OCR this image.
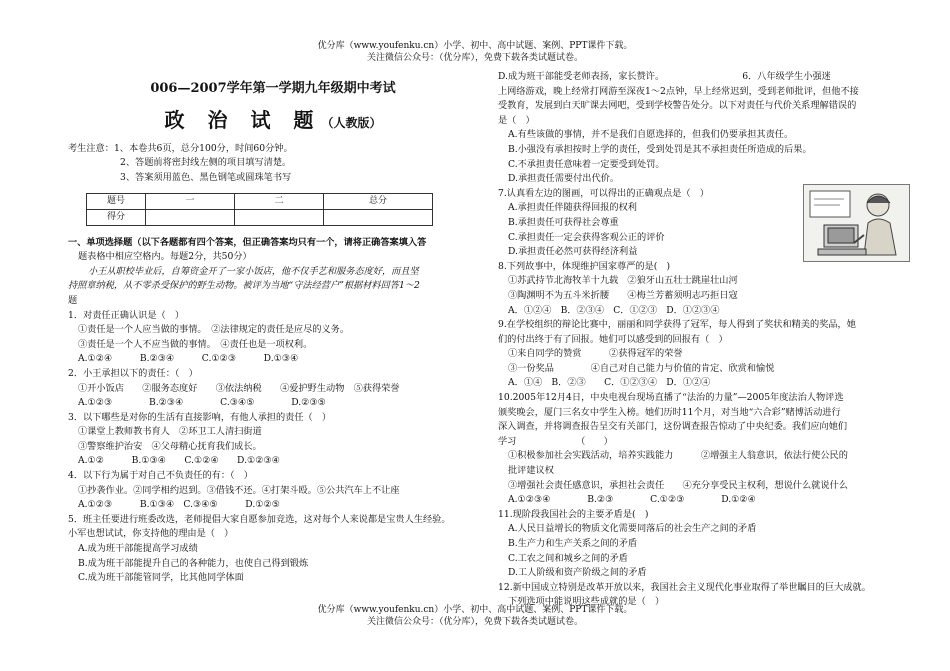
优分库（www.youfenku.cn）小学、初中、高中试题、案例、PPT课件下载。
关注微信公众号：（优分库），免费下载各类试题试卷。

006—2007学年第一学期九年级期中考试

政 治 试 题（人教版）

考生注意：1、本卷共6页，总分100分，时间60分钟。

2、答题前将密封线左侧的项目填写清楚。

3、答案须用蓝色、黑色钢笔或圆珠笔书写

题号	一	二	总分
得分			

一、单项选择题（以下各题都有四个答案，但正确答案均只有一个，请将正确答案填入答

题表格中相应空格内。每题2分，共50分）

小王从职校毕业后，自筹资金开了一家小饭店，他不仅手艺和服务态度好，而且坚

持照章纳税，从不零杀受保护的野生动物。被评为当地“守法经营户”根据材料回答1～2

题

1．对责任正确认识是（　）

①责任是一个人应当做的事情。　②法律规定的责任是应尽的义务。

③责任是一个人不应当做的事情。　④责任也是一项权利。

A.①②④　　　B.②③④　　　C.①②③　　　D.①③④

2．小王承担以下的责任：（　）

①开小饭店　　②服务态度好　　③依法纳税　　④爱护野生动物　⑤获得荣誉

A.①②③　　　　B.②③④　　　　C.③④⑤　　　　D.②③⑤

3．以下哪些是对你的生活有直接影响，有他人承担的责任（　）

①课堂上教师教书育人　②环卫工人清扫街道

③警察维护治安　④父母精心抚育我们成长。

A.①②　　　B.①③④　　C.①②④　　D.①②③④

4．以下行为属于对自己不负责任的有：（　）

①抄袭作业。②同学相约迟到。③借钱不还。④打架斗殴。⑤公共汽车上不让座

A.①②③　　　B.①③④　C.③④⑤　　　D.①②⑤

5．班主任要进行班委改选，老师提倡大家自愿参加竞选，这对每个人来说都是宝贵人生经验。

小军也想试试，你支持他的理由是（　）

A.成为班干部能提高学习成绩

B.成为班干部能提升自己的各种能力，也使自己得到锻炼

C.成为班干部能管同学，比其他同学体面

D.成为班干部能受老师表扬，家长赞许。　　　　　　　　　6．八年级学生小强迷

上网络游戏，晚上经常打网游至深夜1～2点钟，早上经常迟到，受到老师批评，但他不接

受教育，发展到白天旷课去网吧，受到学校警告处分。以下对责任与代价关系理解错误的

是（　）

A.有些该做的事情，并不是我们自愿选择的，但我们仍要承担其责任。

B.小强没有承担按时上学的责任，受到处罚是其不承担责任所造成的后果。

C.不承担责任意味着一定要受到处罚。

D.承担责任需要付出代价。

7.认真看左边的图画，可以得出的正确观点是（　）

A.承担责任伴随获得回报的权利

B.承担责任可获得社会尊重

C.承担责任一定会获得客观公正的评价

D.承担责任必然可获得经济利益

8.下列故事中，体现维护国家尊严的是(　)

①苏武持节北海牧羊十九载　②狼牙山五壮士跳崖壮山河

③陶渊明不为五斗米折腰　　④梅兰芳蓄须明志巧拒日寇

A．①②④　B．②③④　C．①②③　D．①②③④

9.在学校组织的辩论比赛中，丽丽和同学获得了冠军，每人得到了奖状和精美的奖品，她

们的付出终于有了回报。她们可以感受到的回报有（　）

①来自同学的赞赏　　　②获得冠军的荣誉

③一份奖品　　　　④自己对自己能力与价值的肯定、欣赏和愉悦

A．①④　B．②③　　C．①②③④　D．①②④

10.2005年12月4日，中央电视台现场直播了“法治的力量”—2005年度法治人物评选

颁奖晚会，厦门三名女中学生入榜。她们历时11个月，对当地“六合彩”赌博活动进行

深入调查，并将调查报告呈交有关部门，这份调查报告惊动了中央纪委。我们应向她们

学习　　　　　　　（　　）

①积极参加社会实践活动，培养实践能力　　　②增强主人翁意识，依法行使公民的

批评建议权

③增强社会责任感意识，承担社会责任　　④充分享受民主权利，想说什么就说什么

A.①②③④　　　　B.②③　　　　C.①②③　　　　D.①②④

11.现阶段我国社会的主要矛盾是(　)

A.人民日益增长的物质文化需要同落后的社会生产之间的矛盾

B.生产力和生产关系之间的矛盾

C.工农之间和城乡之间的矛盾

D.工人阶级和资产阶级之间的矛盾

12.新中国成立特别是改革开放以来，我国社会主义现代化事业取得了举世瞩目的巨大成就。

下列选项中能说明这些成就的是（　）

优分库（www.youfenku.cn）小学、初中、高中试题、案例、PPT课件下载。
关注微信公众号：（优分库），免费下载各类试题试卷。
